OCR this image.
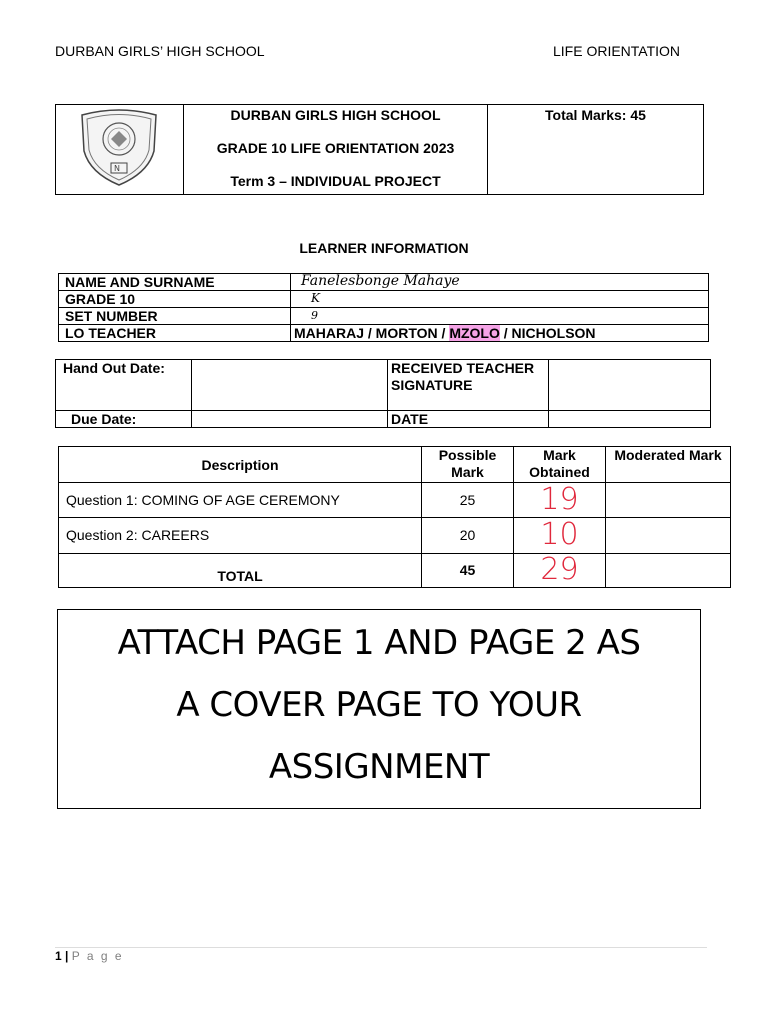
DURBAN GIRLS’ HIGH SCHOOL	LIFE ORIENTATION
N

DURBAN GIRLS HIGH SCHOOL
GRADE 10 LIFE ORIENTATION 2023
Term 3 – INDIVIDUAL PROJECT

Total Marks: 45
LEARNER INFORMATION
NAME AND SURNAME	Fanelesbonge Mahaye
GRADE 10	K
SET NUMBER	9
LO TEACHER	MAHARAJ / MORTON / MZOLO / NICHOLSON
Hand Out Date:		RECEIVED TEACHER SIGNATURE	
Due Date:		DATE	
Description	Possible Mark	Mark Obtained	Moderated Mark
Question 1: COMING OF AGE CEREMONY	25	19	
Question 2: CAREERS	20	10	
TOTAL	45	29	
ATTACH PAGE 1 AND PAGE 2 AS
A COVER PAGE TO YOUR
ASSIGNMENT
1 | P a g e
